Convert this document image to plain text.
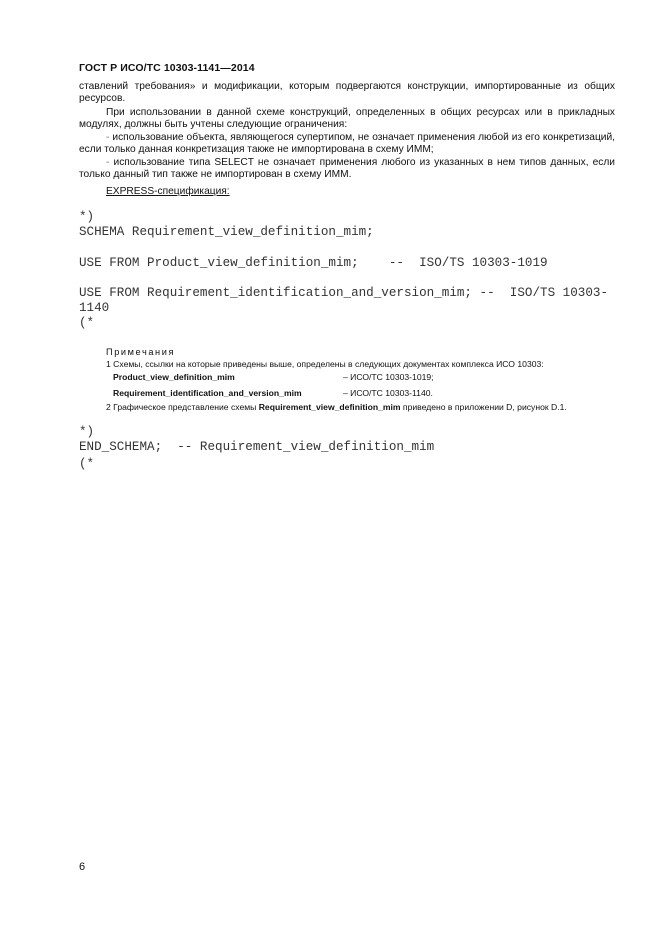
ГОСТ Р ИСО/ТС 10303-1141—2014
ставлений требования» и модификации, которым подвергаются конструкции, импортированные из общих ресурсов.
При использовании в данной схеме конструкций, определенных в общих ресурсах или в прикладных модулях, должны быть учтены следующие ограничения:
- использование объекта, являющегося супертипом, не означает применения любой из его конкретизаций, если только данная конкретизация также не импортирована в схему ИММ;
- использование типа SELECT не означает применения любого из указанных в нем типов данных, если только данный тип также не импортирован в схему ИММ.
EXPRESS-спецификация:
*)
SCHEMA Requirement_view_definition_mim;
USE FROM Product_view_definition_mim;    --  ISO/TS 10303-1019
USE FROM Requirement_identification_and_version_mim; --  ISO/TS 10303-
1140
(*
Примечания
1 Схемы, ссылки на которые приведены выше, определены в следующих документах комплекса ИСО 10303:
Product_view_definition_mim	– ИСО/ТС 10303-1019;
Requirement_identification_and_version_mim	– ИСО/ТС 10303-1140.
2 Графическое представление схемы Requirement_view_definition_mim приведено в приложении D, рисунок D.1.
*)
END_SCHEMA;  -- Requirement_view_definition_mim
(*
6
